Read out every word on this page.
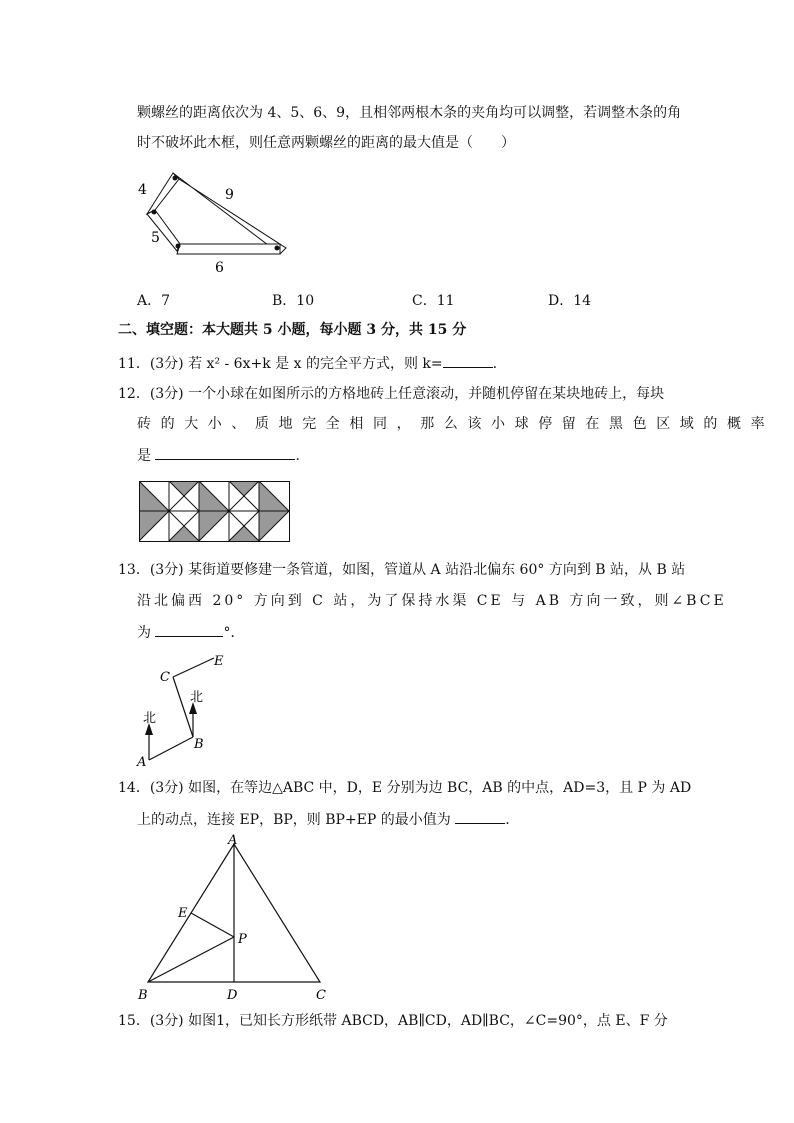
颗螺丝的距离依次为 4、5、6、9，且相邻两根木条的夹角均可以调整，若调整木条的角
时不破坏此木框，则任意两颗螺丝的距离的最大值是（　　）
4	9
5
6
A．7	B．10	C．11	D．14
二、填空题：本大题共 5 小题，每小题 3 分，共 15 分
11．(3分) 若 x² - 6x+k 是 x 的完全平方式，则 k=	.
12．(3分) 一个小球在如图所示的方格地砖上任意滚动，并随机停留在某块地砖上，每块
砖的大小、质地完全相同，那么该小球停留在黑色区域的概率
是	.
13．(3分) 某街道要修建一条管道，如图，管道从 A 站沿北偏东 60° 方向到 B 站，从 B 站
沿北偏西 20° 方向到 C 站，为了保持水渠 CE 与 AB 方向一致，则∠BCE
为	°．
北
北
A
B
C
E
14．(3分) 如图，在等边△ABC 中，D，E 分别为边 BC，AB 的中点，AD=3，且 P 为 AD
上的动点，连接 EP，BP，则 BP+EP 的最小值为	.
A
B	C
D
E
P
15．(3分) 如图1，已知长方形纸带 ABCD，AB∥CD，AD∥BC，∠C=90°，点 E、F 分
